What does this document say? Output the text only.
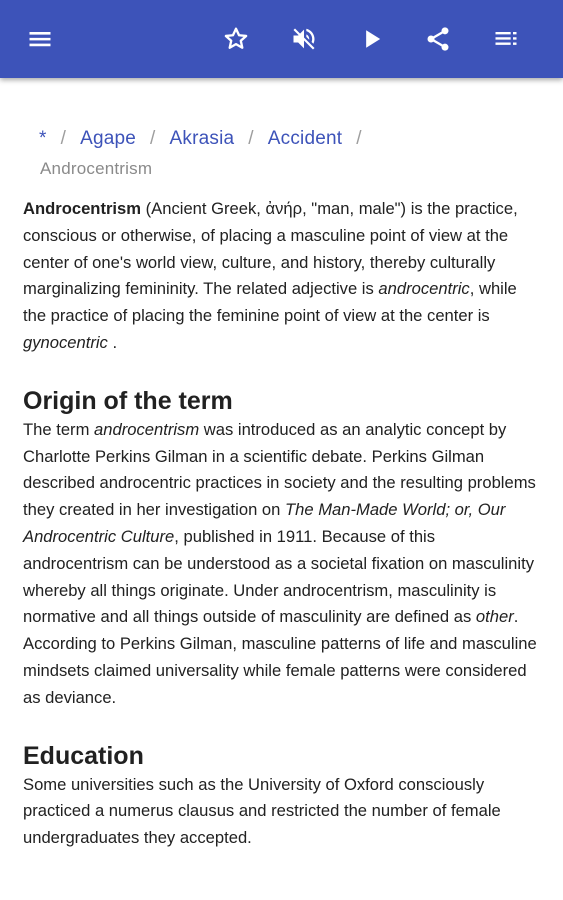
* / Agape / Akrasia / Accident /
Androcentrism

Androcentrism (Ancient Greek, ἀνήρ, "man, male") is the practice, conscious or otherwise, of placing a masculine point of view at the center of one's world view, culture, and history, thereby culturally marginalizing femininity. The related adjective is androcentric, while the practice of placing the feminine point of view at the center is gynocentric .

Origin of the term

The term androcentrism was introduced as an analytic concept by Charlotte Perkins Gilman in a scientific debate. Perkins Gilman described androcentric practices in society and the resulting problems they created in her investigation on The Man-Made World; or, Our Androcentric Culture, published in 1911. Because of this androcentrism can be understood as a societal fixation on masculinity whereby all things originate. Under androcentrism, masculinity is normative and all things outside of masculinity are defined as other. According to Perkins Gilman, masculine patterns of life and masculine mindsets claimed universality while female patterns were considered as deviance.

Education

Some universities such as the University of Oxford consciously practiced a numerus clausus and restricted the number of female undergraduates they accepted.
